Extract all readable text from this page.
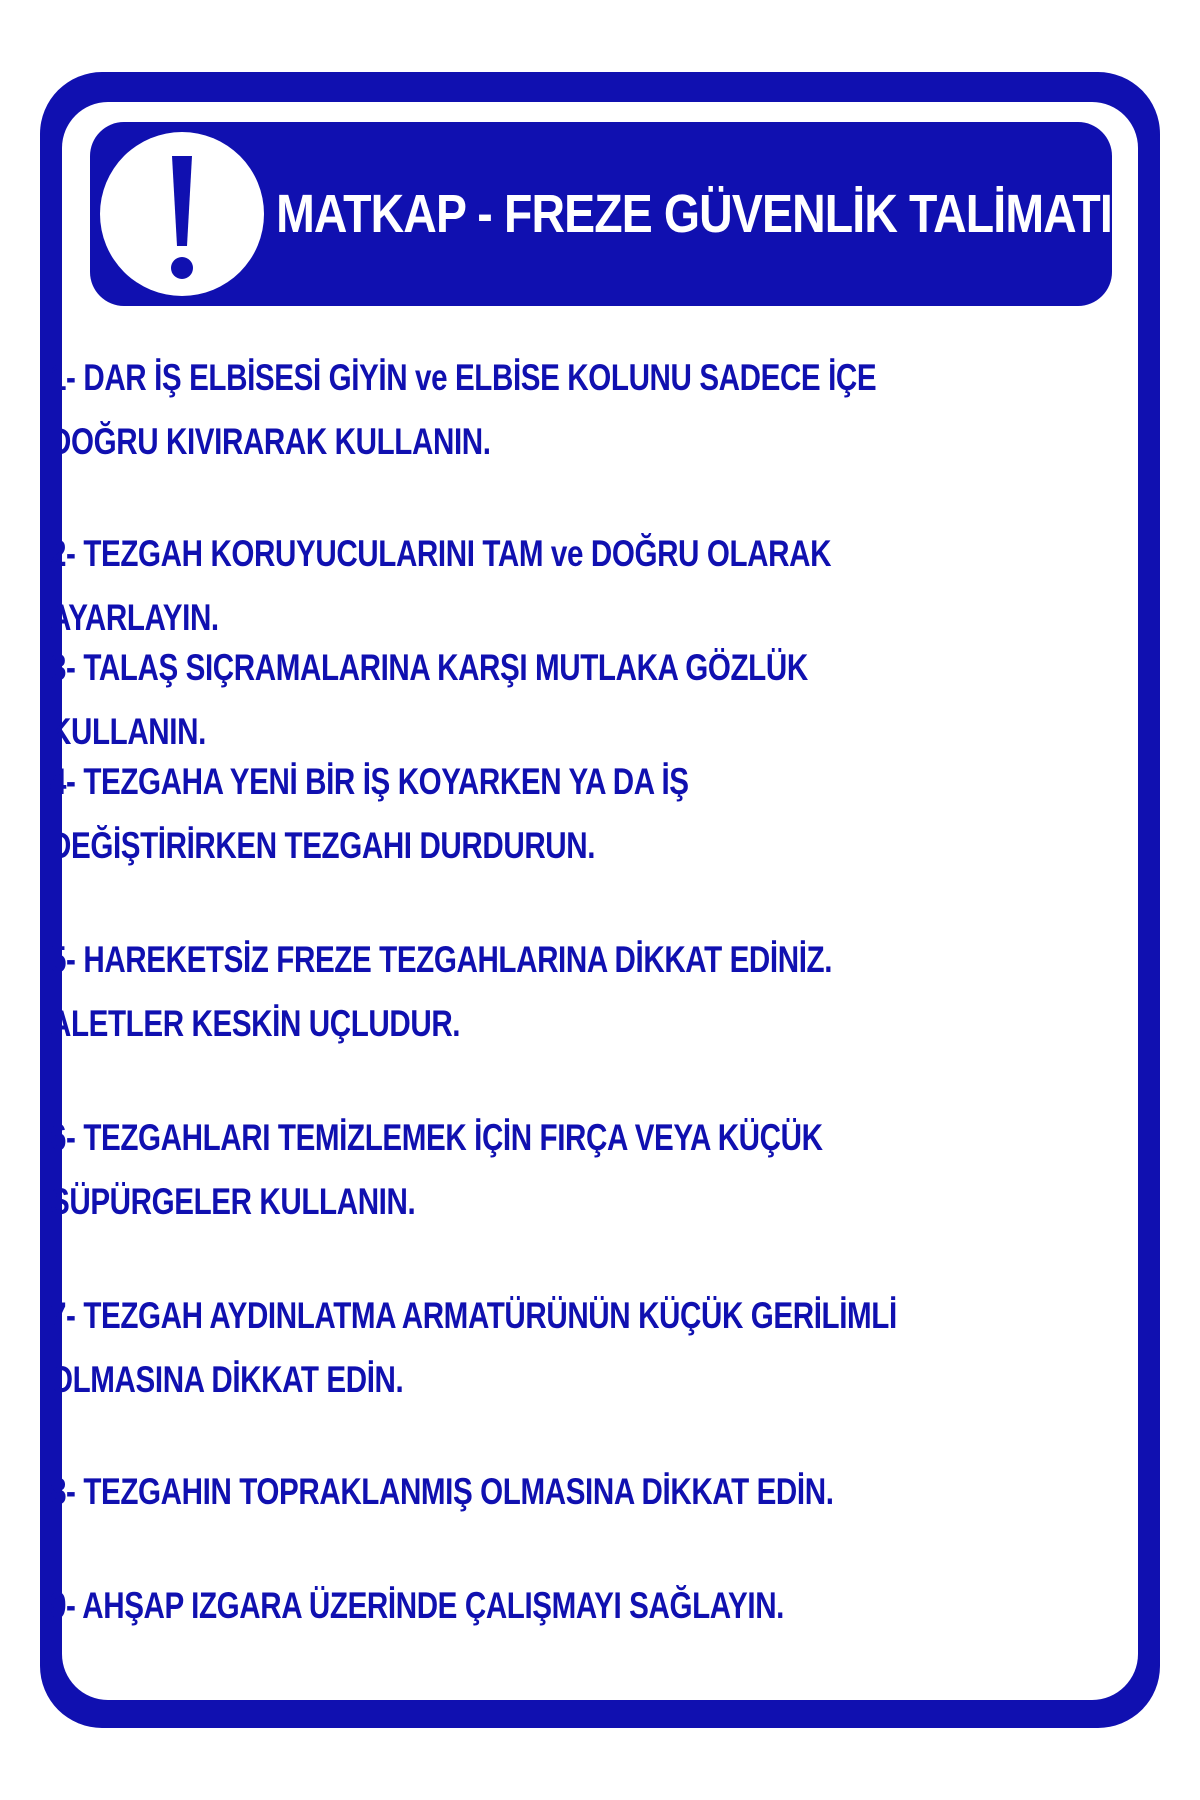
MATKAP - FREZE GÜVENLİK TALİMATI
1- DAR İŞ ELBİSESİ GİYİN ve ELBİSE KOLUNU SADECE İÇE DOĞRU KIVIRARAK KULLANIN.
2- TEZGAH KORUYUCULARINI TAM ve DOĞRU OLARAK AYARLAYIN.
3- TALAŞ SIÇRAMALARINA KARŞI MUTLAKA GÖZLÜK KULLANIN.
4- TEZGAHA YENİ BİR İŞ KOYARKEN YA DA İŞ DEĞİŞTİRİRKEN TEZGAHI DURDURUN.
5- HAREKETSİZ FREZE TEZGAHLARINA DİKKAT EDİNİZ. ALETLER KESKİN UÇLUDUR.
6- TEZGAHLARI TEMİZLEMEK İÇİN FIRÇA VEYA KÜÇÜK SÜPÜRGELER KULLANIN.
7- TEZGAH AYDINLATMA ARMATÜRÜNÜN KÜÇÜK GERİLİMLİ OLMASINA DİKKAT EDİN.
8- TEZGAHIN TOPRAKLANMIŞ OLMASINA DİKKAT EDİN.
9- AHŞAP IZGARA ÜZERİNDE ÇALIŞMAYI SAĞLAYIN.
